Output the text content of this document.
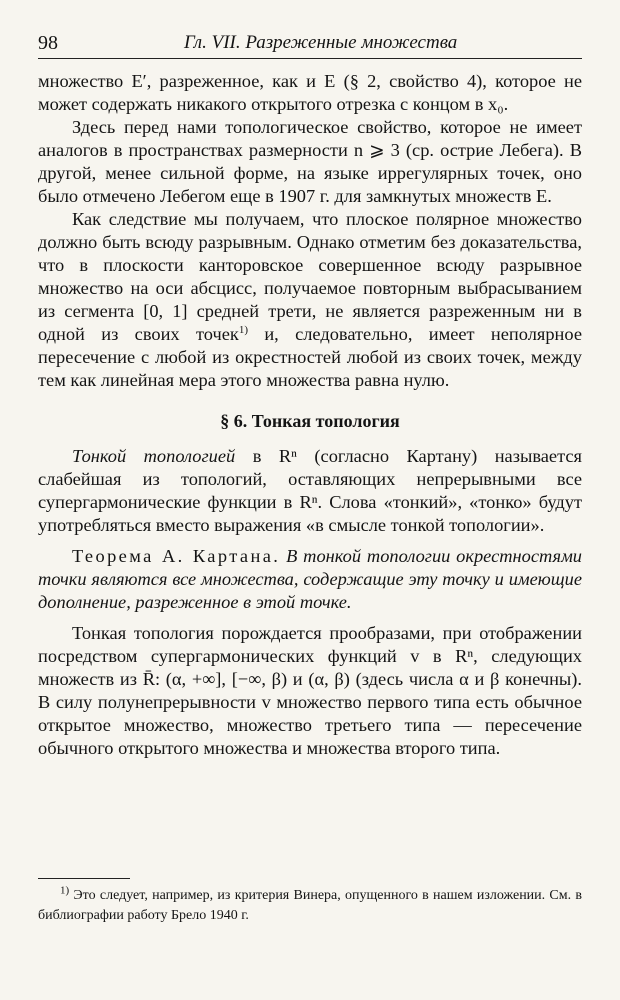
98	Гл. VII. Разреженные множества

множество E′, разреженное, как и E (§ 2, свойство 4), которое не может содержать никакого открытого отрезка с концом в x₀.

Здесь перед нами топологическое свойство, которое не имеет аналогов в пространствах размерности n ⩾ 3 (ср. острие Лебега). В другой, менее сильной форме, на языке иррегулярных точек, оно было отмечено Лебегом еще в 1907 г. для замкнутых множеств E.

Как следствие мы получаем, что плоское полярное множество должно быть всюду разрывным. Однако отметим без доказательства, что в плоскости канторовское совершенное всюду разрывное множество на оси абсцисс, получаемое повторным выбрасыванием из сегмента [0, 1] средней трети, не является разреженным ни в одной из своих точек$^{1)}$ и, следовательно, имеет неполярное пересечение с любой из окрестностей любой из своих точек, между тем как линейная мера этого множества равна нулю.

§ 6. Тонкая топология

Тонкой топологией в Rⁿ (согласно Картану) называется слабейшая из топологий, оставляющих непрерывными все супергармонические функции в Rⁿ. Слова «тонкий», «тонко» будут употребляться вместо выражения «в смысле тонкой топологии».

Теорема А. Картана. В тонкой топологии окрестностями точки являются все множества, содержащие эту точку и имеющие дополнение, разреженное в этой точке.

Тонкая топология порождается прообразами, при отображении посредством супергармонических функций v в Rⁿ, следующих множеств из R̄: (α, +∞], [−∞, β) и (α, β) (здесь числа α и β конечны). В силу полунепрерывности v множество первого типа есть обычное открытое множество, множество третьего типа — пересечение обычного открытого множества и множества второго типа.

$^{1)}$ Это следует, например, из критерия Винера, опущенного в нашем изложении. См. в библиографии работу Брело 1940 г.
